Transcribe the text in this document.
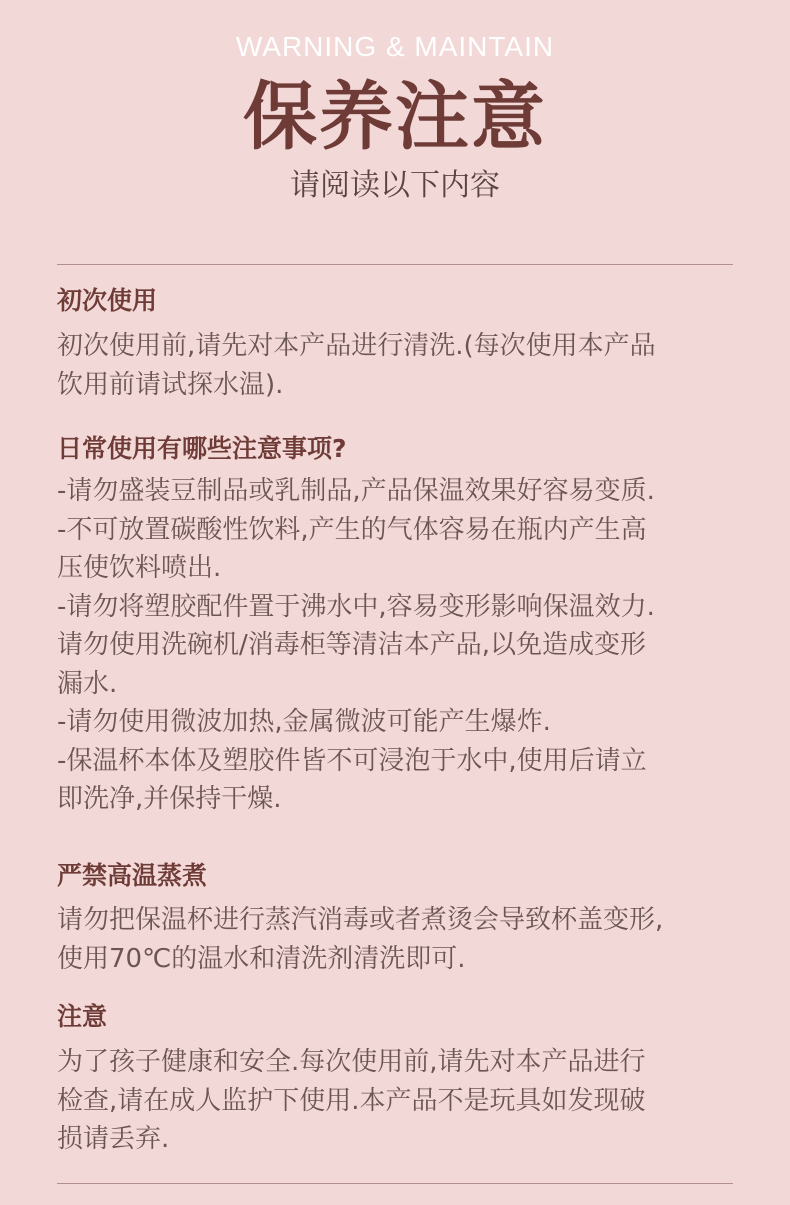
WARNING & MAINTAIN
保养注意
请阅读以下内容
初次使用

初次使用前,请先对本产品进行清洗.(每次使用本产品

饮用前请试探水温).

日常使用有哪些注意事项?

-请勿盛装豆制品或乳制品,产品保温效果好容易变质.

-不可放置碳酸性饮料,产生的气体容易在瓶内产生高

压使饮料喷出.

-请勿将塑胶配件置于沸水中,容易变形影响保温效力.

请勿使用洗碗机/消毒柜等清洁本产品,以免造成变形

漏水.

-请勿使用微波加热,金属微波可能产生爆炸.

-保温杯本体及塑胶件皆不可浸泡于水中,使用后请立

即洗净,并保持干燥.

严禁高温蒸煮

请勿把保温杯进行蒸汽消毒或者煮烫会导致杯盖变形,

使用70℃的温水和清洗剂清洗即可.

注意

为了孩子健康和安全.每次使用前,请先对本产品进行

检查,请在成人监护下使用.本产品不是玩具如发现破

损请丢弃.
